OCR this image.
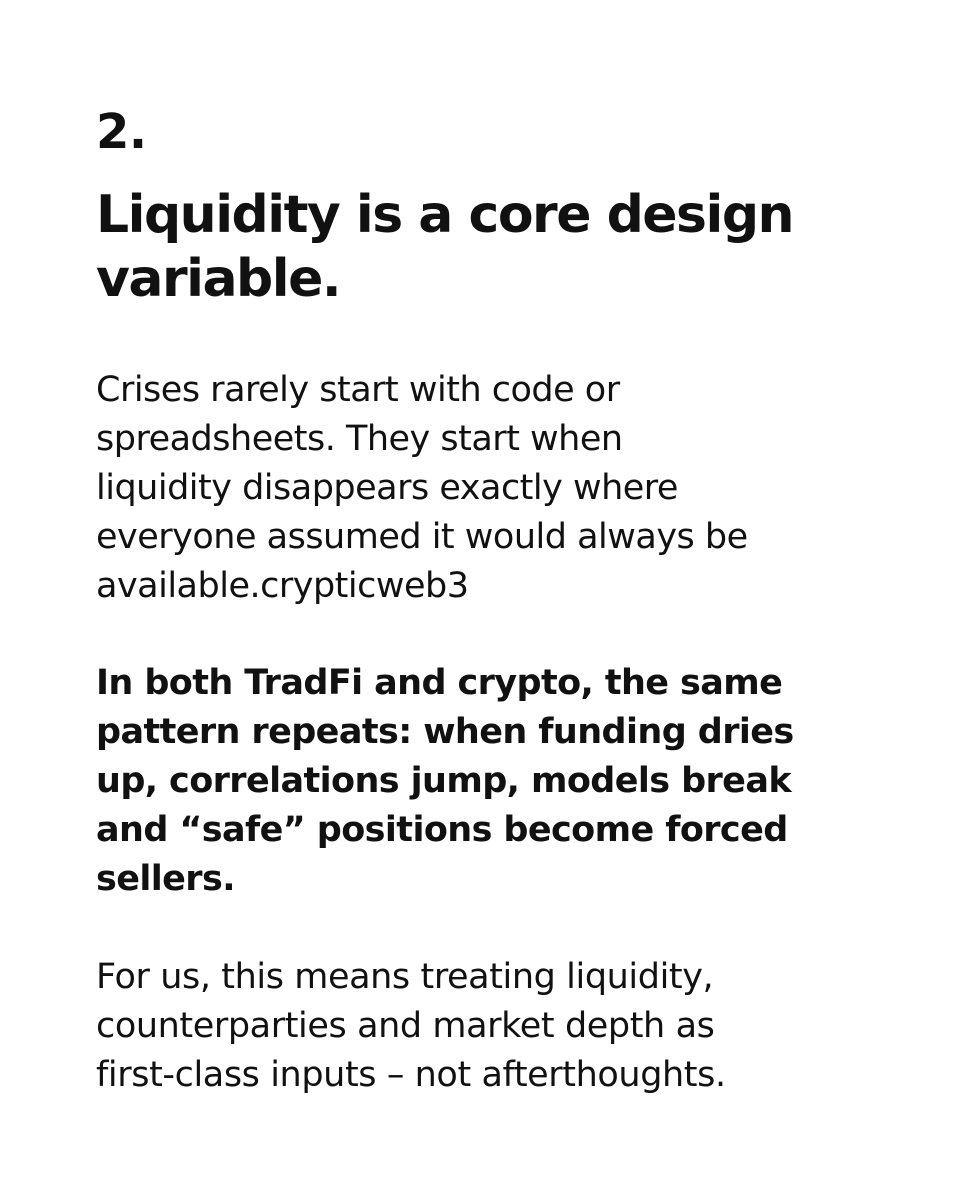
2.
Liquidity is a core design variable.

Crises rarely start with code or
spreadsheets. They start when
liquidity disappears exactly where
everyone assumed it would always be
available.crypticweb3

In both TradFi and crypto, the same
pattern repeats: when funding dries
up, correlations jump, models break
and “safe” positions become forced
sellers.

For us, this means treating liquidity,
counterparties and market depth as
first-class inputs – not afterthoughts.
